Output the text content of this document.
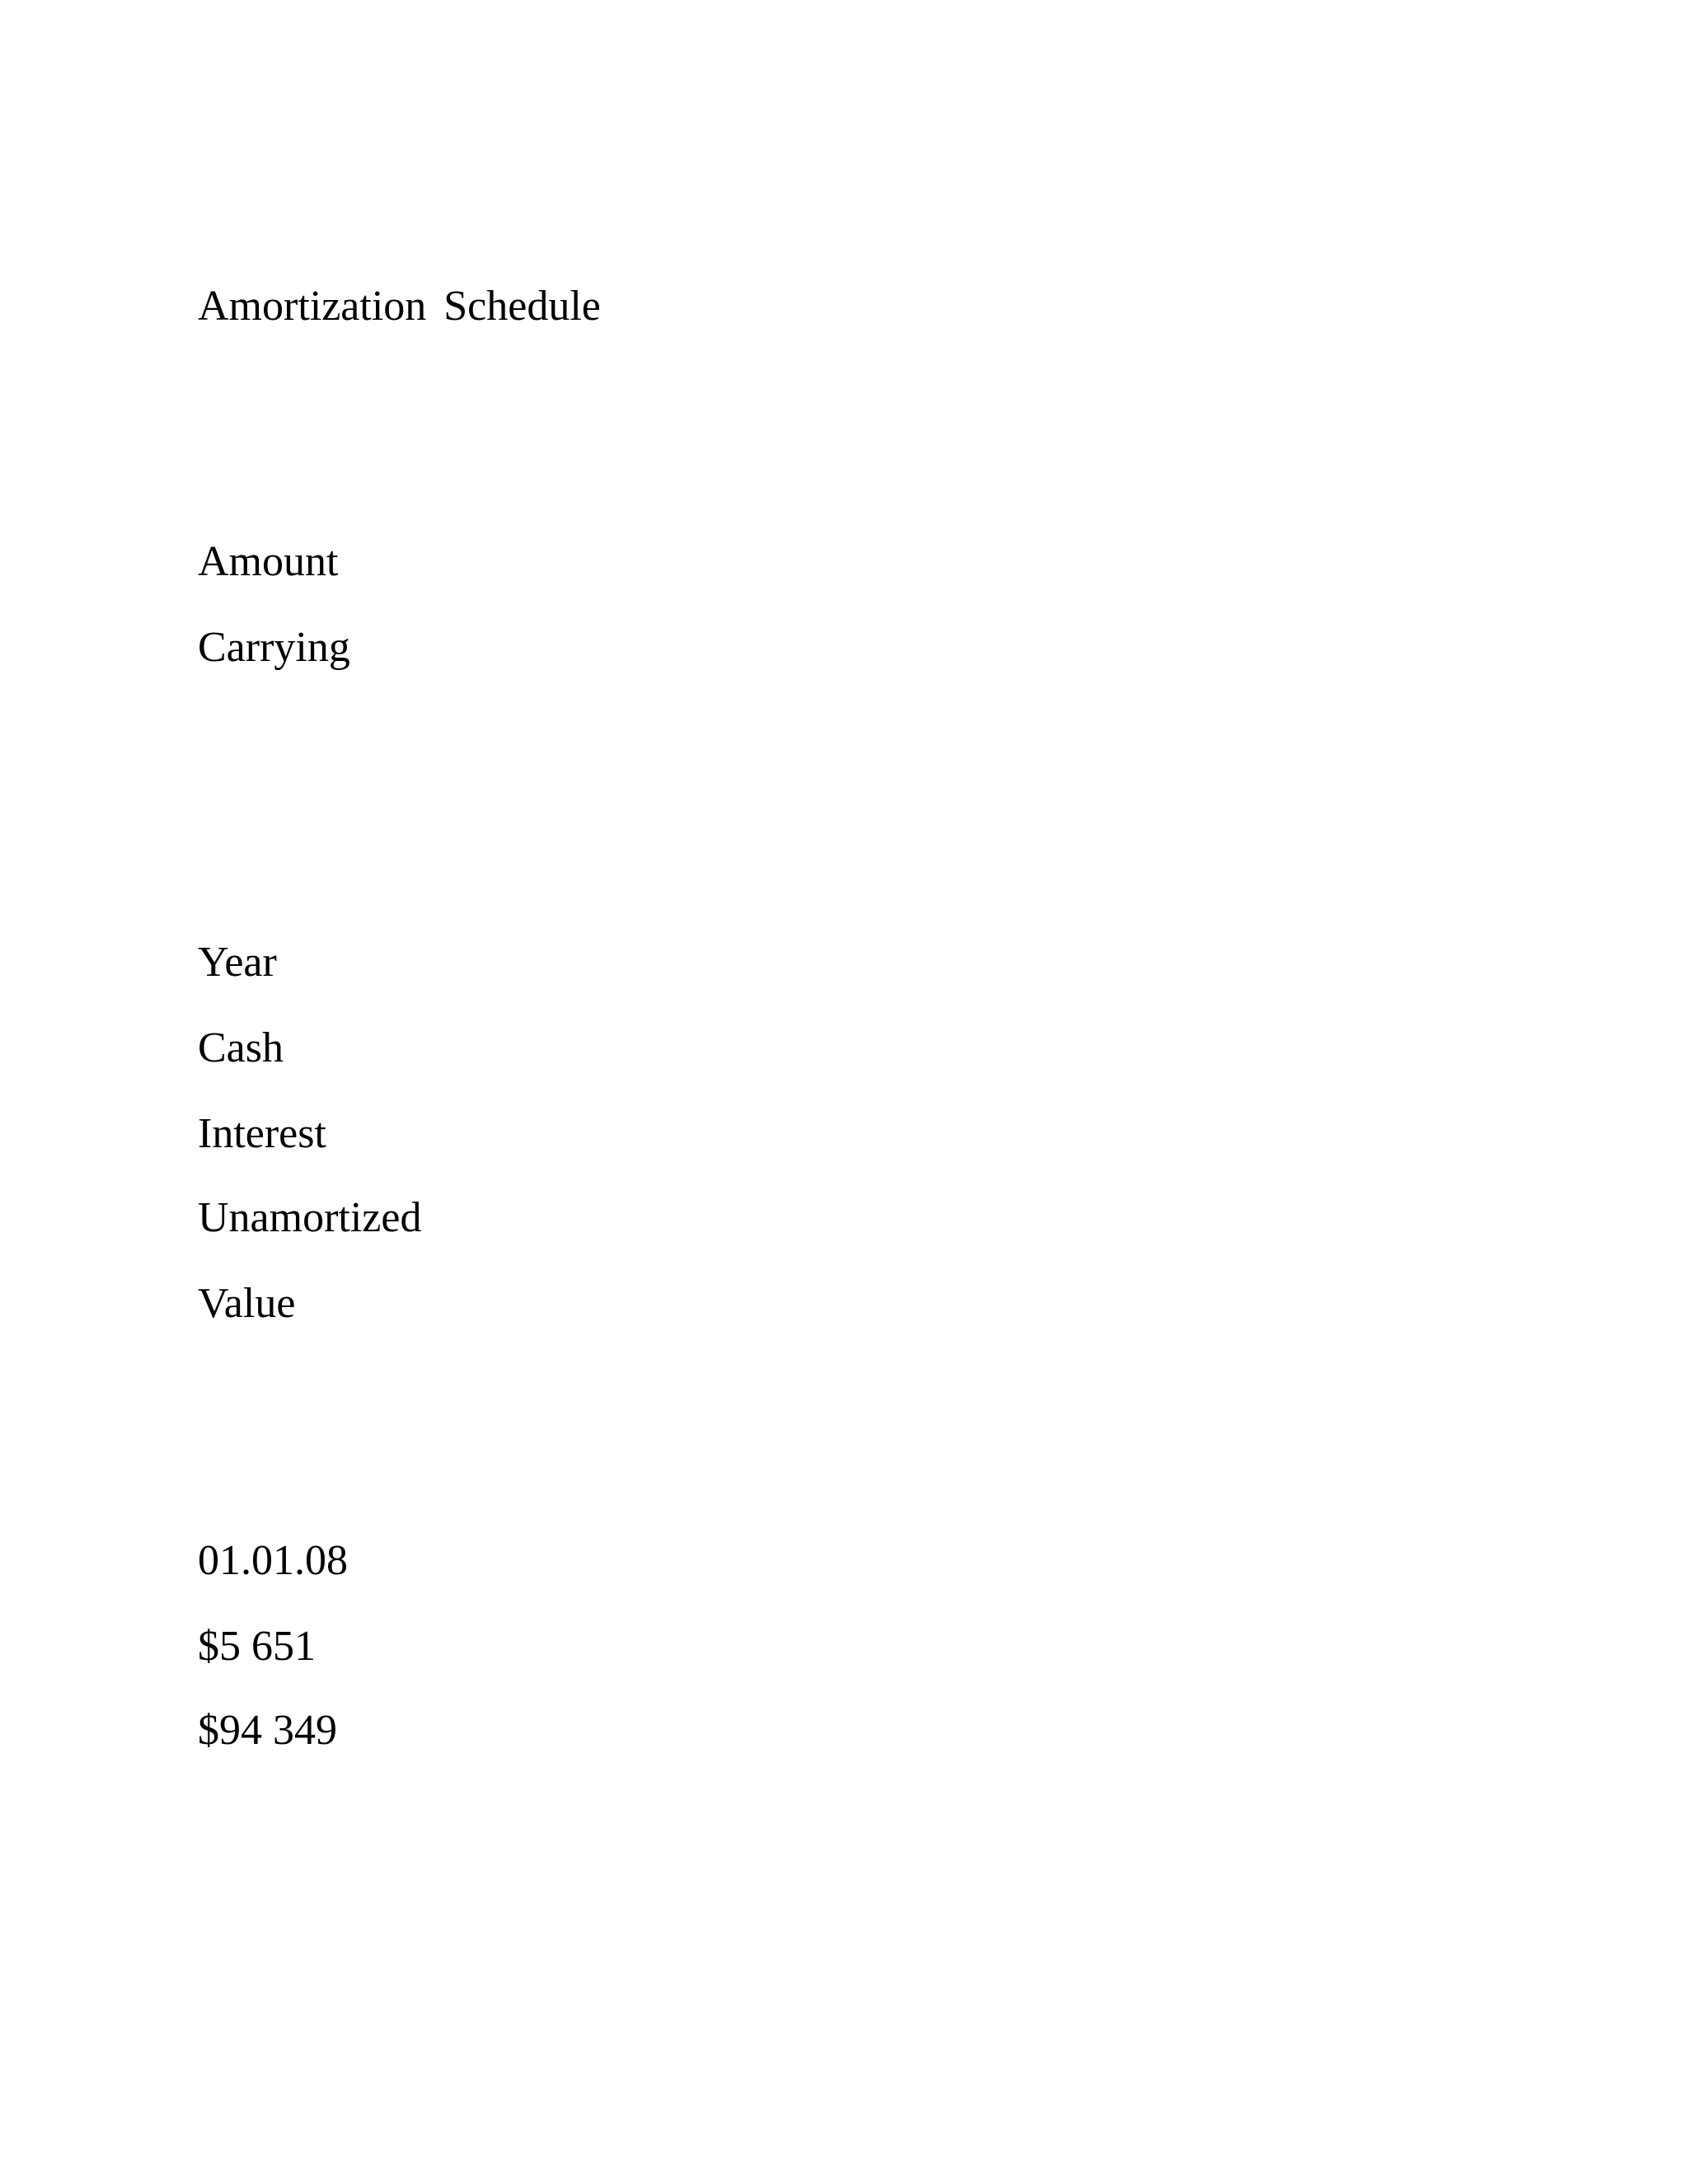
Amortization Schedule

Amount

Carrying

Year

Cash

Interest

Unamortized

Value

01.01.08

$5 651

$94 349
